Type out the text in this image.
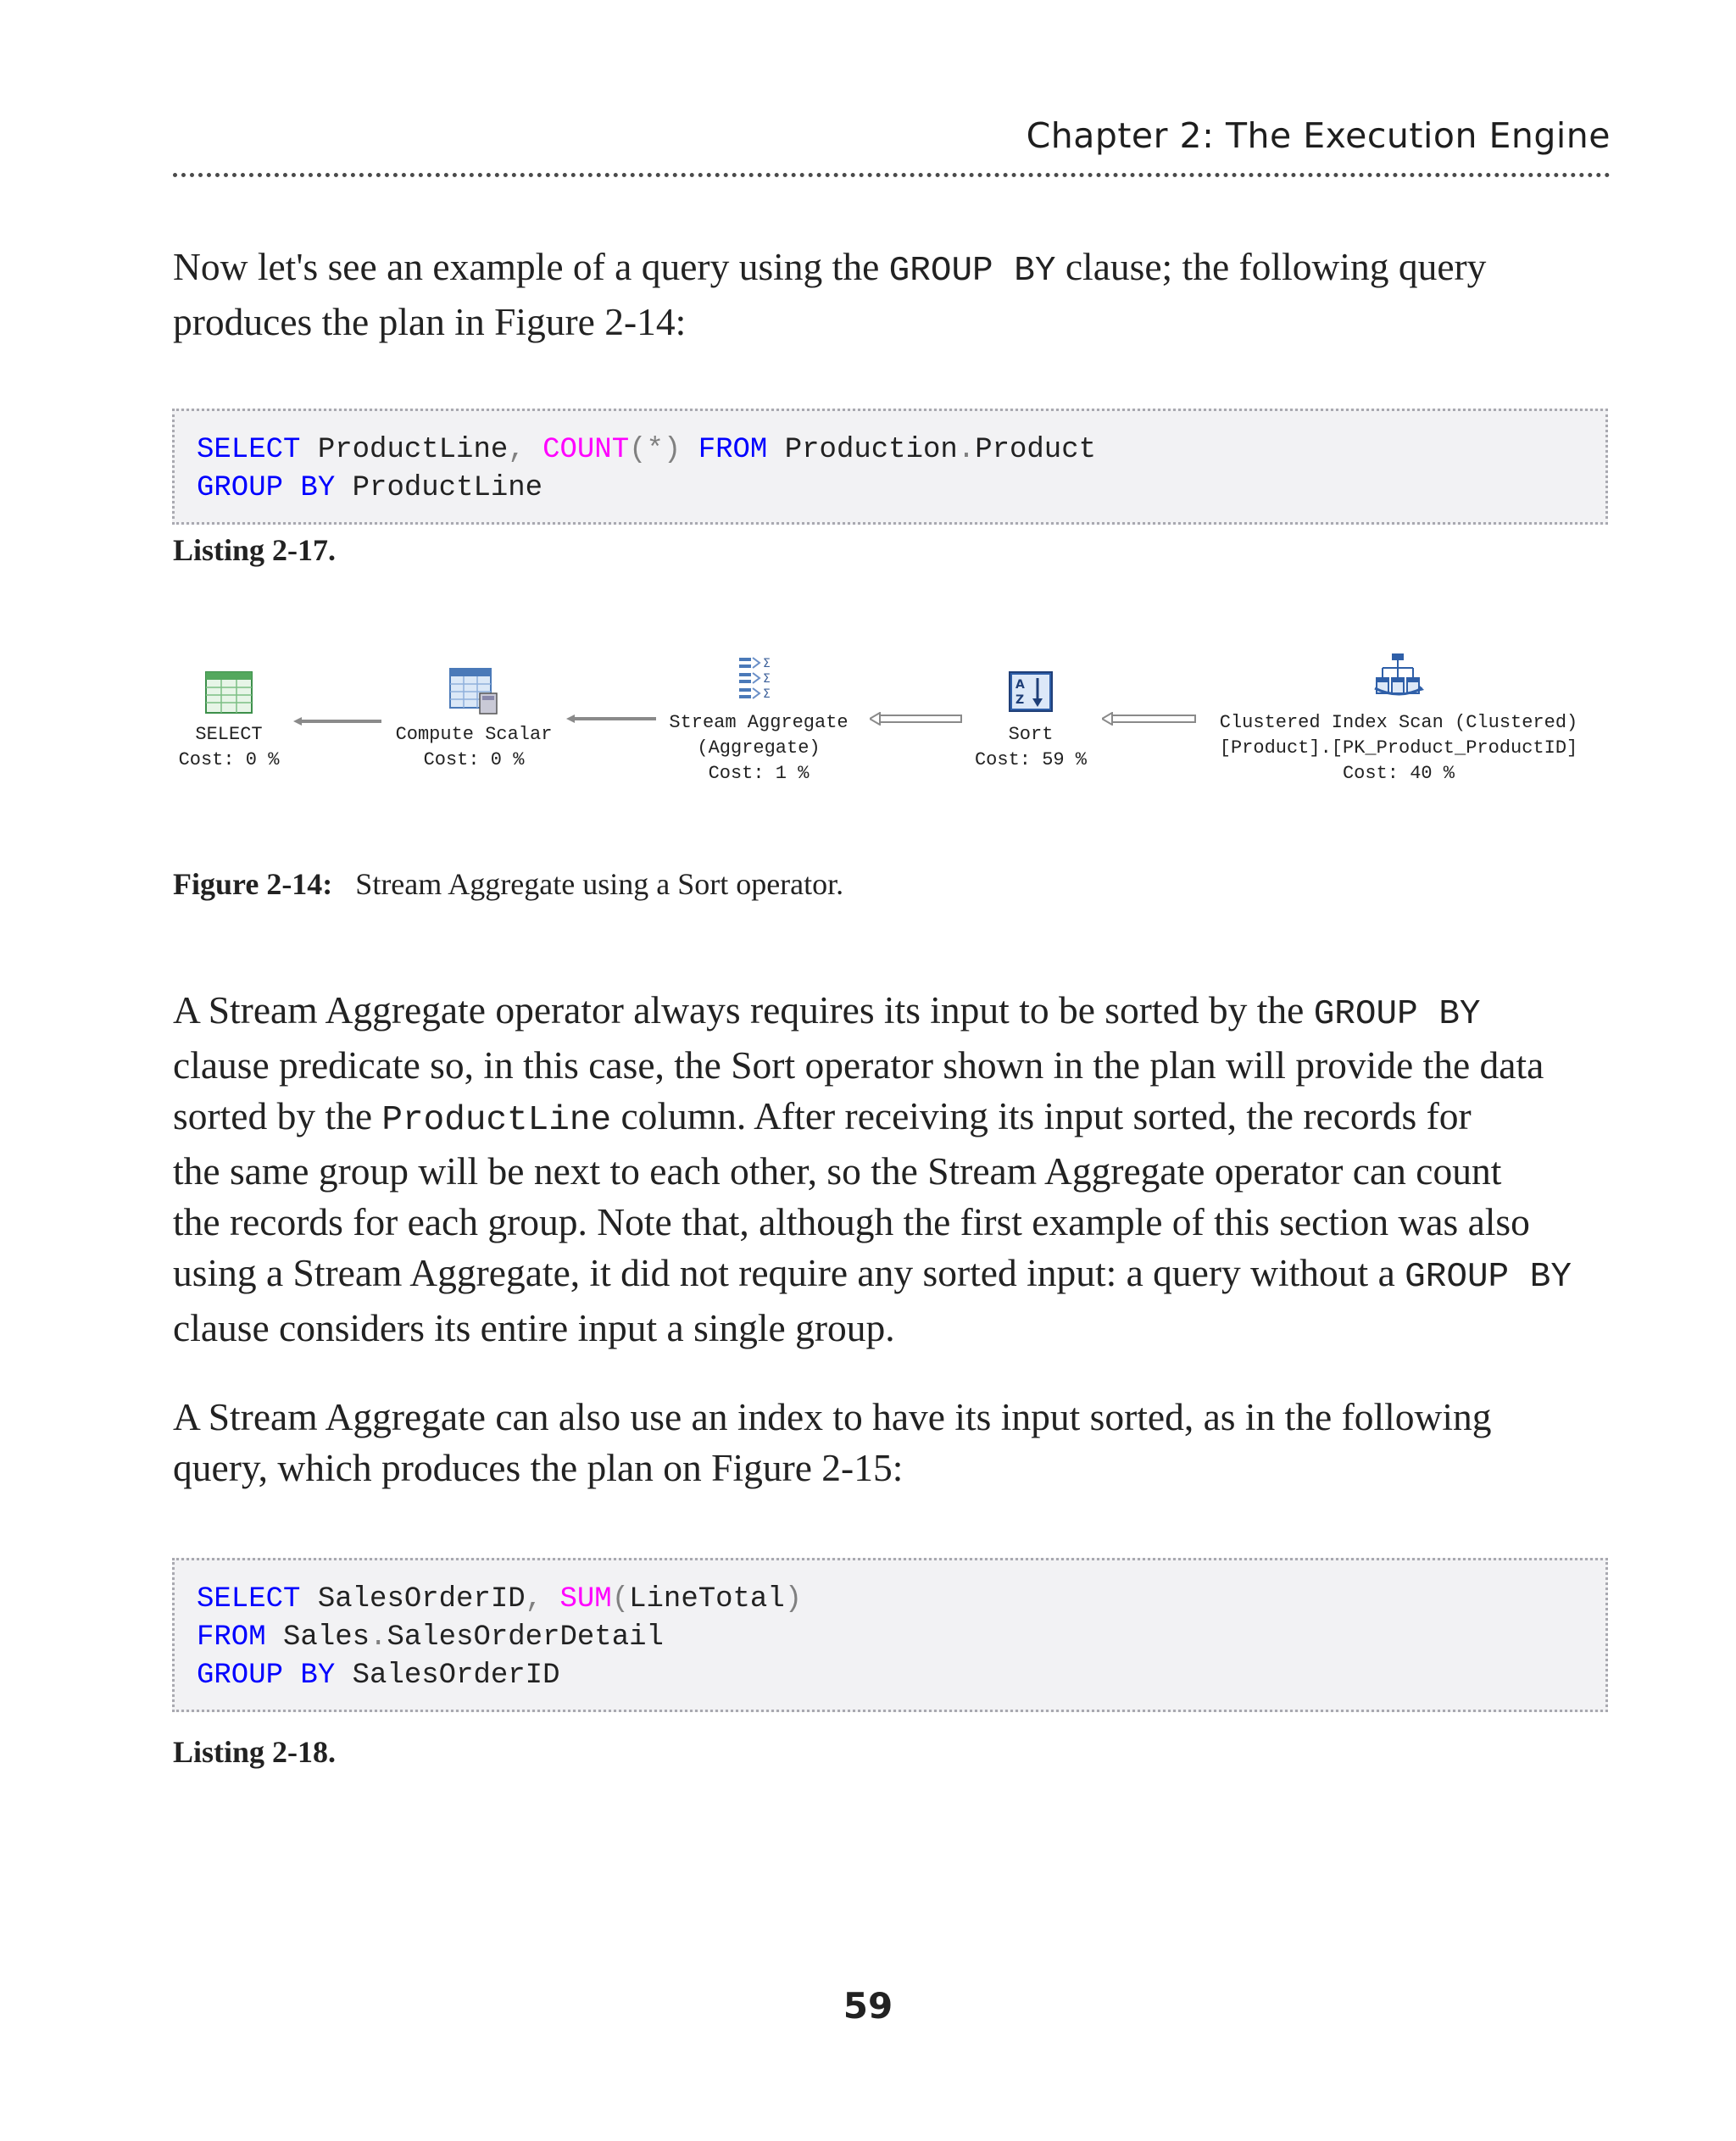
Chapter 2: The Execution Engine

Now let's see an example of a query using the GROUP BY clause; the following query
produces the plan in Figure 2-14:

SELECT ProductLine, COUNT(*) FROM Production.Product
GROUP BY ProductLine
Listing 2-17.
SELECT
Cost: 0 %
Compute Scalar
Cost: 0 %
Σ
Σ
Σ
Stream Aggregate
(Aggregate)
Cost: 1 %
A
Z
Sort
Cost: 59 %
Clustered Index Scan (Clustered)
[Product].[PK_Product_ProductID]
Cost: 40 %
Figure 2-14: Stream Aggregate using a Sort operator.

A Stream Aggregate operator always requires its input to be sorted by the GROUP BY
clause predicate so, in this case, the Sort operator shown in the plan will provide the data
sorted by the ProductLine column. After receiving its input sorted, the records for
the same group will be next to each other, so the Stream Aggregate operator can count
the records for each group. Note that, although the first example of this section was also
using a Stream Aggregate, it did not require any sorted input: a query without a GROUP BY
clause considers its entire input a single group.

A Stream Aggregate can also use an index to have its input sorted, as in the following
query, which produces the plan on Figure 2-15:

SELECT SalesOrderID, SUM(LineTotal)
FROM Sales.SalesOrderDetail
GROUP BY SalesOrderID
Listing 2-18.
59
